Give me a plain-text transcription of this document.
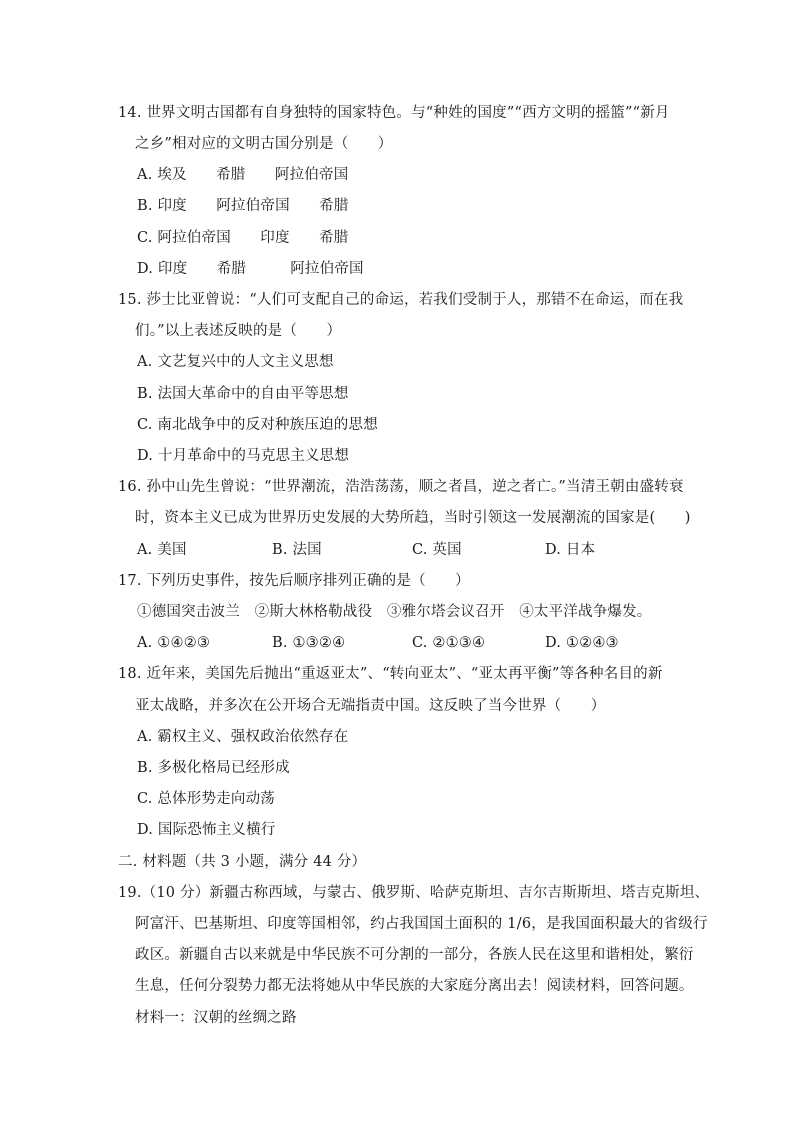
14. 世界文明古国都有自身独特的国家特色。与“种姓的国度”“西方文明的摇篮”“新月
之乡”相对应的文明古国分别是（　　）
A. 埃及　　希腊　　阿拉伯帝国
B. 印度　　阿拉伯帝国　　希腊
C. 阿拉伯帝国　　印度　　希腊
D. 印度　　希腊　　　阿拉伯帝国
15. 莎士比亚曾说：“人们可支配自己的命运，若我们受制于人，那错不在命运，而在我
们。”以上表述反映的是（　　）
A. 文艺复兴中的人文主义思想
B. 法国大革命中的自由平等思想
C. 南北战争中的反对种族压迫的思想
D. 十月革命中的马克思主义思想
16. 孙中山先生曾说：“世界潮流，浩浩荡荡，顺之者昌，逆之者亡。”当清王朝由盛转衰
时，资本主义已成为世界历史发展的大势所趋，当时引领这一发展潮流的国家是(　　)
A. 美国	B. 法国	C. 英国	D. 日本
17. 下列历史事件，按先后顺序排列正确的是（　　）
①德国突击波兰　②斯大林格勒战役　③雅尔塔会议召开　④太平洋战争爆发。
A. ①④②③	B. ①③②④	C. ②①③④	D. ①②④③
18. 近年来，美国先后抛出“重返亚太”、“转向亚太”、“亚太再平衡”等各种名目的新
亚太战略，并多次在公开场合无端指责中国。这反映了当今世界（　　）
A. 霸权主义、强权政治依然存在
B. 多极化格局已经形成
C. 总体形势走向动荡
D. 国际恐怖主义横行
二. 材料题（共 3 小题，满分 44 分）
19.（10 分）新疆古称西域，与蒙古、俄罗斯、哈萨克斯坦、吉尔吉斯斯坦、塔吉克斯坦、
阿富汗、巴基斯坦、印度等国相邻，约占我国国土面积的 1/6，是我国面积最大的省级行
政区。新疆自古以来就是中华民族不可分割的一部分，各族人民在这里和谐相处，繁衍
生息，任何分裂势力都无法将她从中华民族的大家庭分离出去！阅读材料，回答问题。
材料一：汉朝的丝绸之路
